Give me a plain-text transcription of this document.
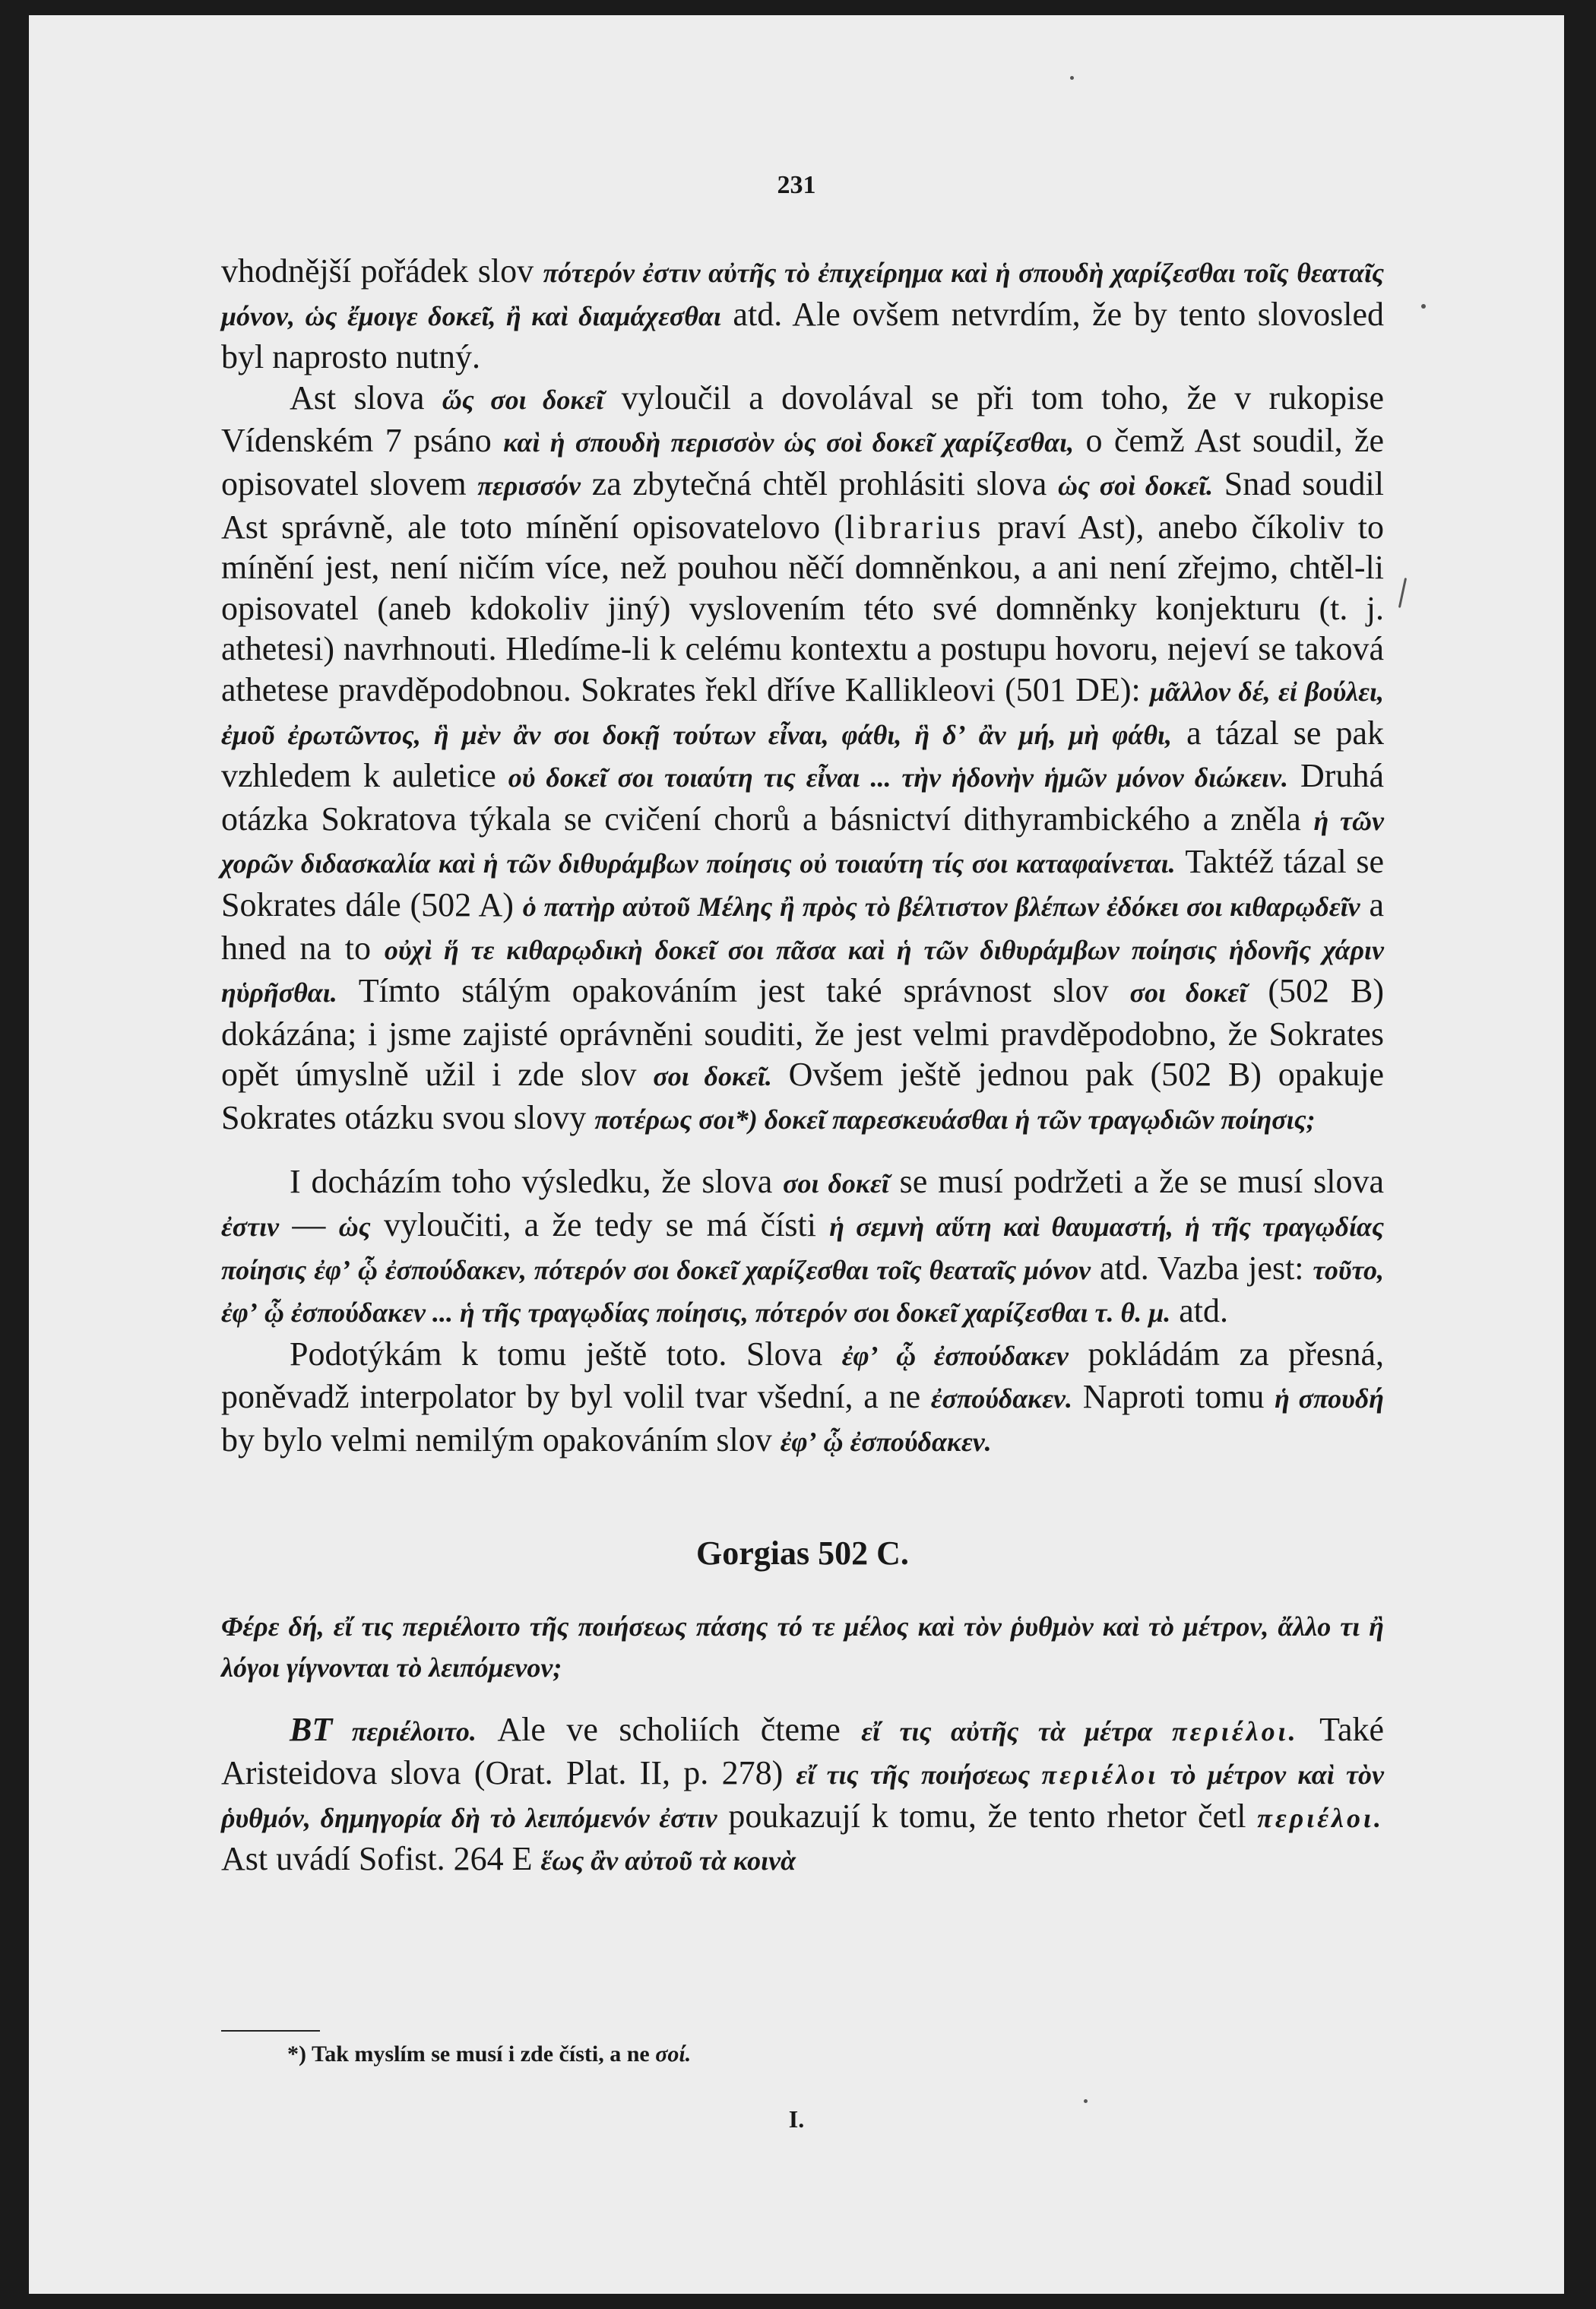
231

vhodnější pořádek slov πότερόν ἐστιν αὐτῆς τὸ ἐπιχείρημα καὶ ἡ σπουδὴ χαρίζεσθαι τοῖς θεαταῖς μόνον, ὡς ἔμοιγε δοκεῖ, ἢ καὶ διαμάχεσθαι atd. Ale ovšem netvrdím, že by tento slovosled byl naprosto nutný.

Ast slova ὥς σοι δοκεῖ vyloučil a dovolával se při tom toho, že v rukopise Vídenském 7 psáno καὶ ἡ σπουδὴ περισσὸν ὡς σοὶ δοκεῖ χαρίζεσθαι, o čemž Ast soudil, že opisovatel slovem περισσόν za zbytečná chtěl prohlásiti slova ὡς σοὶ δοκεῖ. Snad soudil Ast správně, ale toto mínění opisovatelovo (librarius praví Ast), anebo číkoliv to mínění jest, není ničím více, než pouhou něčí domněnkou, a ani není zřejmo, chtěl-li opisovatel (aneb kdokoliv jiný) vyslovením této své domněnky konjekturu (t. j. athetesi) navrhnouti. Hledíme-li k celému kontextu a postupu hovoru, nejeví se taková athetese pravděpodobnou. Sokrates řekl dříve Kallikleovi (501 DE): μᾶλλον δέ, εἰ βούλει, ἐμοῦ ἐρωτῶντος, ἣ μὲν ἂν σοι δοκῇ τούτων εἶναι, φάθι, ἣ δʼ ἂν μή, μὴ φάθι, a tázal se pak vzhledem k auletice οὐ δοκεῖ σοι τοιαύτη τις εἶναι ... τὴν ἡδονὴν ἡμῶν μόνον διώκειν. Druhá otázka Sokratova týkala se cvičení chorů a básnictví dithyrambického a zněla ἡ τῶν χορῶν διδασκαλία καὶ ἡ τῶν διθυράμβων ποίησις οὐ τοιαύτη τίς σοι καταφαίνεται. Taktéž tázal se Sokrates dále (502 A) ὁ πατὴρ αὐτοῦ Μέλης ἢ πρὸς τὸ βέλτιστον βλέπων ἐδόκει σοι κιθαρῳδεῖν a hned na to οὐχὶ ἥ τε κιθαρῳδικὴ δοκεῖ σοι πᾶσα καὶ ἡ τῶν διθυράμβων ποίησις ἡδονῆς χάριν ηὑρῆσθαι. Tímto stálým opakováním jest také správnost slov σοι δοκεῖ (502 B) dokázána; i jsme zajisté oprávněni souditi, že jest velmi pravděpodobno, že Sokrates opět úmyslně užil i zde slov σοι δοκεῖ. Ovšem ještě jednou pak (502 B) opakuje Sokrates otázku svou slovy ποτέρως σοι*) δοκεῖ παρεσκευάσθαι ἡ τῶν τραγῳδιῶν ποίησις;

I docházím toho výsledku, že slova σοι δοκεῖ se musí podržeti a že se musí slova ἐστιν — ὡς vyloučiti, a že tedy se má čísti ἡ σεμνὴ αὕτη καὶ θαυμαστή, ἡ τῆς τραγῳδίας ποίησις ἐφʼ ᾧ ἐσπούδακεν, πότερόν σοι δοκεῖ χαρίζεσθαι τοῖς θεαταῖς μόνον atd. Vazba jest: τοῦτο, ἐφʼ ᾧ ἐσπούδακεν ... ἡ τῆς τραγῳδίας ποίησις, πότερόν σοι δοκεῖ χαρίζεσθαι τ. θ. μ. atd.

Podotýkám k tomu ještě toto. Slova ἐφʼ ᾧ ἐσπούδακεν pokládám za přesná, poněvadž interpolator by byl volil tvar všední, a ne ἐσπούδακεν. Naproti tomu ἡ σπουδή by bylo velmi nemilým opakováním slov ἐφʼ ᾧ ἐσπούδακεν.

Gorgias 502 C.

Φέρε δή, εἴ τις περιέλοιτο τῆς ποιήσεως πάσης τό τε μέλος καὶ τὸν ῥυθμὸν καὶ τὸ μέτρον, ἄλλο τι ἢ λόγοι γίγνονται τὸ λειπόμενον;

BT περιέλοιτο. Ale ve scholiích čteme εἴ τις αὐτῆς τὰ μέτρα περιέλοι. Také Aristeidova slova (Orat. Plat. II, p. 278) εἴ τις τῆς ποιήσεως περιέλοι τὸ μέτρον καὶ τὸν ῥυθμόν, δημηγορία δὴ τὸ λειπόμενόν ἐστιν poukazují k tomu, že tento rhetor četl περιέλοι. Ast uvádí Sofist. 264 E ἕως ἂν αὐτοῦ τὰ κοινὰ

*) Tak myslím se musí i zde čísti, a ne σοί.
I.
